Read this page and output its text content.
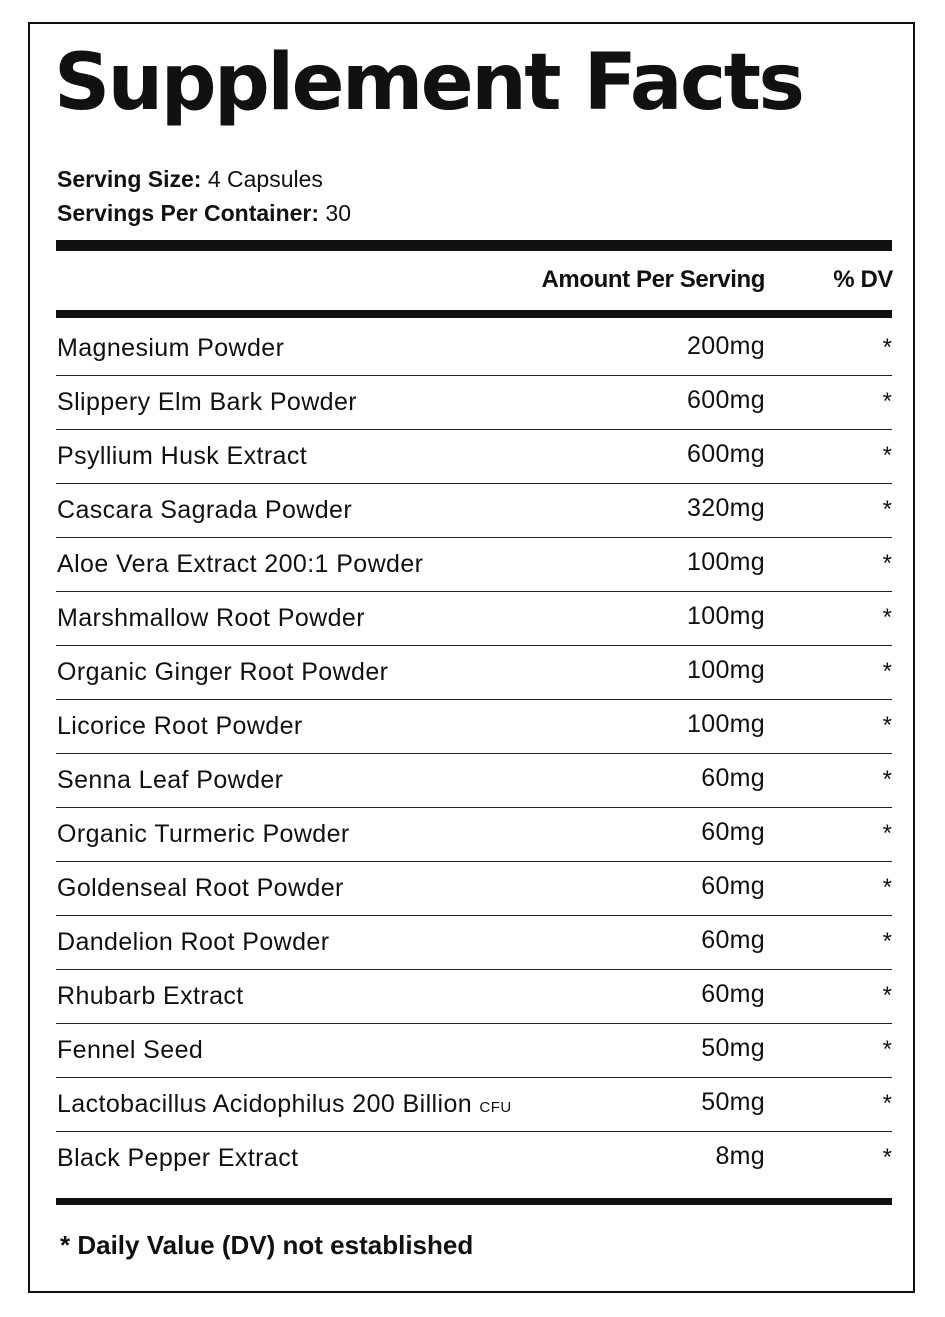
Supplement Facts
Serving Size: 4 Capsules
Servings Per Container: 30
Amount Per Serving	% DV
Magnesium Powder	200mg	*
Slippery Elm Bark Powder	600mg	*
Psyllium Husk Extract	600mg	*
Cascara Sagrada Powder	320mg	*
Aloe Vera Extract 200:1 Powder	100mg	*
Marshmallow Root Powder	100mg	*
Organic Ginger Root Powder	100mg	*
Licorice Root Powder	100mg	*
Senna Leaf Powder	60mg	*
Organic Turmeric Powder	60mg	*
Goldenseal Root Powder	60mg	*
Dandelion Root Powder	60mg	*
Rhubarb Extract	60mg	*
Fennel Seed	50mg	*
Lactobacillus Acidophilus 200 Billion CFU	50mg	*
Black Pepper Extract	8mg	*
* Daily Value (DV) not established
